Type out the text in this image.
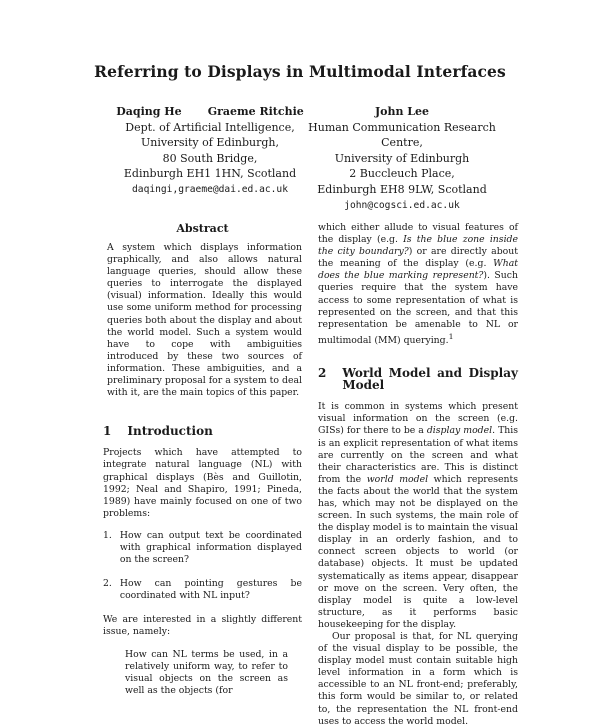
Referring to Displays in Multimodal Interfaces
Daqing He Graeme Ritchie
Dept. of Artificial Intelligence,
University of Edinburgh,
80 South Bridge,
Edinburgh EH1 1HN, Scotland
daqingi,graeme@dai.ed.ac.uk
John Lee
Human Communication Research Centre,
University of Edinburgh
2 Buccleuch Place,
Edinburgh EH8 9LW, Scotland
john@cogsci.ed.ac.uk
Abstract

A system which displays information graphically, and also allows natural language queries, should allow these queries to interrogate the displayed (visual) information. Ideally this would use some uniform method for processing queries both about the display and about the world model. Such a system would have to cope with ambiguities introduced by these two sources of information. These ambiguities, and a preliminary proposal for a system to deal with it, are the main topics of this paper.

1 Introduction

Projects which have attempted to integrate natural language (NL) with graphical displays (Bès and Guillotin, 1992; Neal and Shapiro, 1991; Pineda, 1989) have mainly focused on one of two problems:

1. How can output text be coordinated with graphical information displayed on the screen?
2. How can pointing gestures be coordinated with NL input?

We are interested in a slightly different issue, namely:

How can NL terms be used, in a relatively uniform way, to refer to visual objects on the screen as well as the objects (for

which either allude to visual features of the display (e.g. Is the blue zone inside the city boundary?) or are directly about the meaning of the display (e.g. What does the blue marking represent?). Such queries require that the system have access to some representation of what is represented on the screen, and that this representation be amenable to NL or multimodal (MM) querying.$^1$

2 World Model and Display Model

It is common in systems which present visual information on the screen (e.g. GISs) for there to be a display model. This is an explicit representation of what items are currently on the screen and what their characteristics are. This is distinct from the world model which represents the facts about the world that the system has, which may not be displayed on the screen. In such systems, the main role of the display model is to maintain the visual display in an orderly fashion, and to connect screen objects to world (or database) objects. It must be updated systematically as items appear, disappear or move on the screen. Very often, the display model is quite a low-level structure, as it performs basic housekeeping for the display.

Our proposal is that, for NL querying of the visual display to be possible, the display model must contain suitable high level information in a form which is accessible to an NL front-end; preferably, this form would be similar to, or related to, the representation the NL front-end uses to access the world model.
